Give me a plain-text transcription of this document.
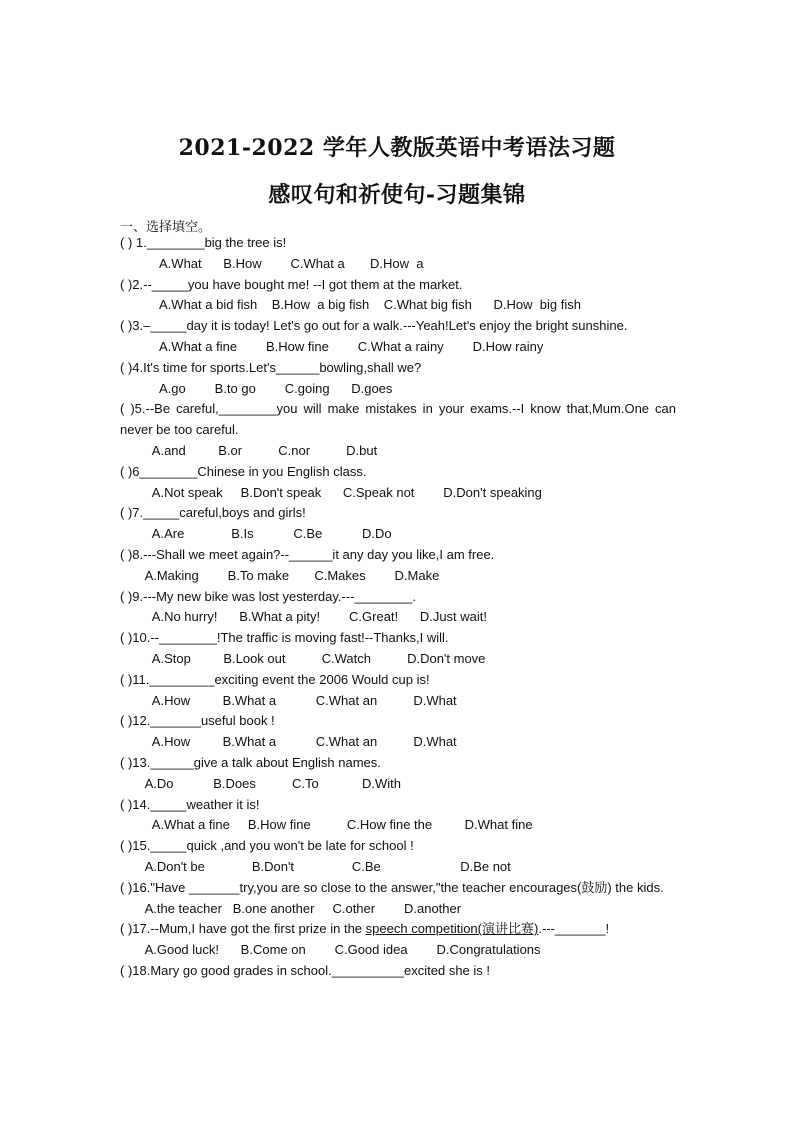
2021-2022 学年人教版英语中考语法习题
感叹句和祈使句-习题集锦
一、选择填空。
( ) 1.________big the tree is!
A.What      B.How        C.What a       D.How  a
( )2.--_____you have bought me! --I got them at the market.
A.What a bid fish    B.How  a big fish    C.What big fish      D.How  big fish
( )3.–_____day it is today! Let's go out for a walk.---Yeah!Let's enjoy the bright sunshine.
A.What a fine        B.How fine        C.What a rainy        D.How rainy
( )4.It's time for sports.Let's______bowling,shall we?
A.go        B.to go        C.going      D.goes
( )5.--Be careful,________you will make mistakes in your exams.--I know that,Mum.One can never be too careful.
A.and         B.or          C.nor          D.but
( )6________Chinese in you English class.
A.Not speak     B.Don't speak      C.Speak not        D.Don't speaking
( )7._____careful,boys and girls!
A.Are             B.Is           C.Be           D.Do
( )8.---Shall we meet again?--______it any day you like,I am free.
A.Making        B.To make       C.Makes        D.Make
( )9.---My new bike was lost yesterday.---________.
A.No hurry!      B.What a pity!        C.Great!      D.Just wait!
( )10.--________!The traffic is moving fast!--Thanks,I will.
A.Stop         B.Look out          C.Watch          D.Don't move
( )11._________exciting event the 2006 Would cup is!
A.How         B.What a           C.What an          D.What
( )12._______useful book !
A.How         B.What a           C.What an          D.What
( )13.______give a talk about English names.
A.Do           B.Does          C.To            D.With
( )14._____weather it is!
A.What a fine     B.How fine          C.How fine the         D.What fine
( )15._____quick ,and you won't be late for school !
A.Don't be             B.Don't                C.Be                      D.Be not
( )16."Have _______try,you are so close to the answer,"the teacher encourages(鼓励) the kids.
A.the teacher   B.one another     C.other        D.another
( )17.--Mum,I have got the first prize in the speech competition(演讲比赛).---_______!
A.Good luck!      B.Come on        C.Good idea        D.Congratulations
( )18.Mary go good grades in school.__________excited she is !
